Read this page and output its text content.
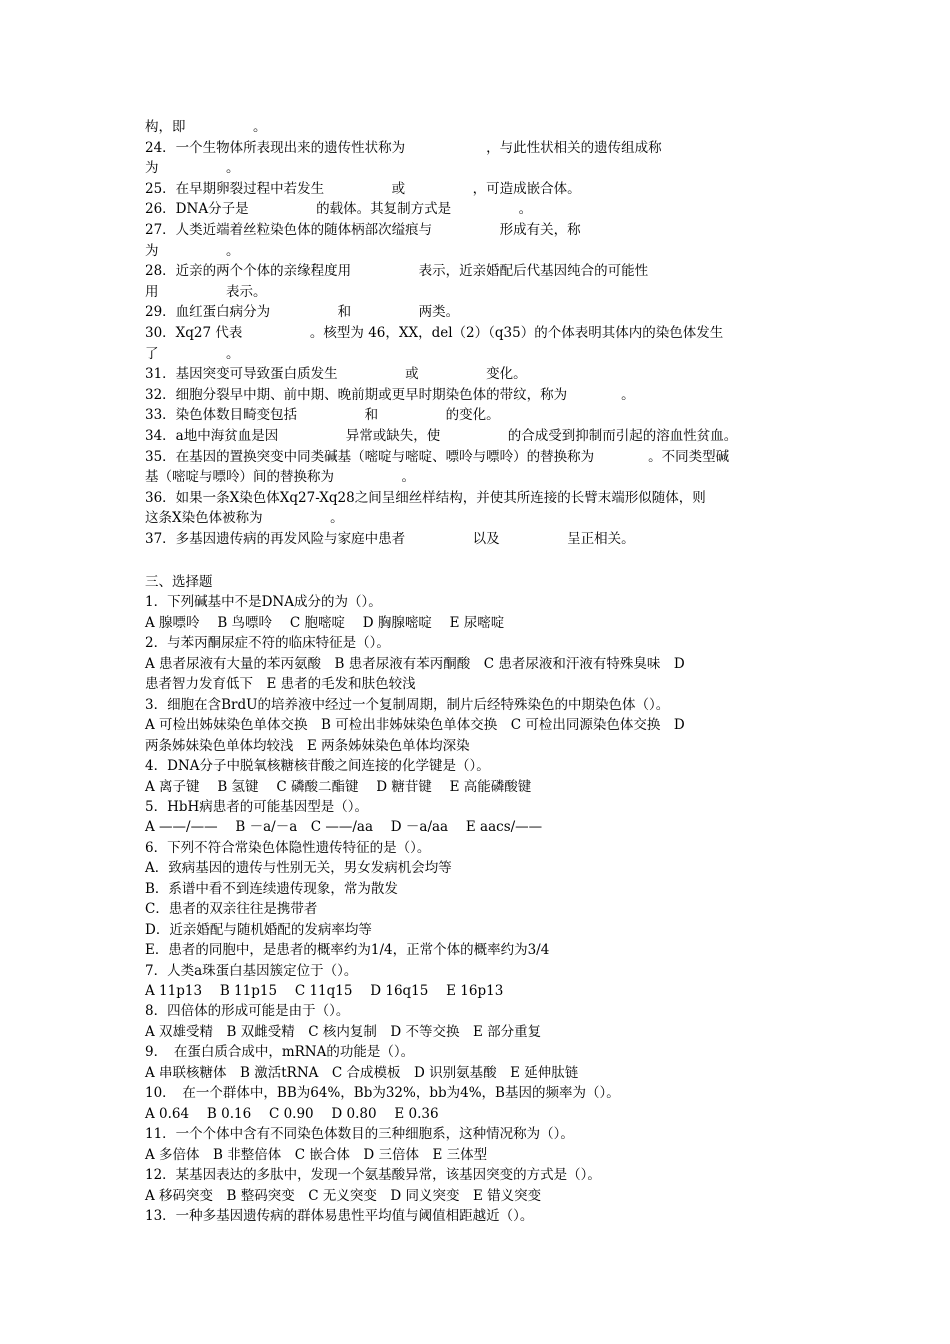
构，即　　　　　。

24．一个生物体所表现出来的遗传性状称为　　　　　　，与此性状相关的遗传组成称

为　　　　　。

25．在早期卵裂过程中若发生　　　　　或　　　　　，可造成嵌合体。

26．DNA分子是　　　　　的载体。其复制方式是　　　　　。

27．人类近端着丝粒染色体的随体柄部次缢痕与　　　　　形成有关，称

为　　　　　。

28．近亲的两个个体的亲缘程度用　　　　　表示，近亲婚配后代基因纯合的可能性

用　　　　　表示。

29．血红蛋白病分为　　　　　和　　　　　两类。

30．Xq27 代表　　　　　。核型为 46，XX，del（2）（q35）的个体表明其体内的染色体发生

了　　　　　。

31．基因突变可导致蛋白质发生　　　　　或　　　　　变化。

32．细胞分裂早中期、前中期、晚前期或更早时期染色体的带纹，称为　　　　。

33．染色体数目畸变包括　　　　　和　　　　　的变化。

34．a地中海贫血是因　　　　　异常或缺失，使　　　　　的合成受到抑制而引起的溶血性贫血。

35．在基因的置换突变中同类碱基（嘧啶与嘧啶、嘌呤与嘌呤）的替换称为　　　　。不同类型碱

基（嘧啶与嘌呤）间的替换称为　　　　　。

36．如果一条X染色体Xq27-Xq28之间呈细丝样结构，并使其所连接的长臂末端形似随体，则

这条X染色体被称为　　　　　。

37．多基因遗传病的再发风险与家庭中患者　　　　　以及　　　　　呈正相关。

三、选择题

1．下列碱基中不是DNA成分的为（）。

A 腺嘌呤　 B 鸟嘌呤　 C 胞嘧啶　 D 胸腺嘧啶　 E 尿嘧啶

2．与苯丙酮尿症不符的临床特征是（）。

A 患者尿液有大量的苯丙氨酸　B 患者尿液有苯丙酮酸　C 患者尿液和汗液有特殊臭味　D

患者智力发育低下　E 患者的毛发和肤色较浅

3．细胞在含BrdU的培养液中经过一个复制周期，制片后经特殊染色的中期染色体（）。

A 可检出姊妹染色单体交换　B 可检出非姊妹染色单体交换　C 可检出同源染色体交换　D

两条姊妹染色单体均较浅　E 两条姊妹染色单体均深染

4．DNA分子中脱氧核糖核苷酸之间连接的化学键是（）。

A 离子键　 B 氢键　 C 磷酸二酯键　 D 糖苷键　 E 高能磷酸键

5．HbH病患者的可能基因型是（）。

A ——/——　 B －a/－a　C ——/aa　 D －a/aa　 E aacs/——

6．下列不符合常染色体隐性遗传特征的是（）。

A．致病基因的遗传与性别无关，男女发病机会均等

B．系谱中看不到连续遗传现象，常为散发

C．患者的双亲往往是携带者

D．近亲婚配与随机婚配的发病率均等

E．患者的同胞中，是患者的概率约为1/4，正常个体的概率约为3/4

7．人类a珠蛋白基因簇定位于（）。

A 11p13　 B 11p15　 C 11q15　 D 16q15　 E 16p13

8．四倍体的形成可能是由于（）。

A 双雄受精　B 双雌受精　C 核内复制　D 不等交换　E 部分重复

9．　在蛋白质合成中，mRNA的功能是（）。

A 串联核糖体　B 激活tRNA　C 合成模板　D 识别氨基酸　E 延伸肽链

10．　在一个群体中，BB为64%，Bb为32%，bb为4%，B基因的频率为（）。

A 0.64　 B 0.16　 C 0.90　 D 0.80　 E 0.36

11．一个个体中含有不同染色体数目的三种细胞系，这种情况称为（）。

A 多倍体　B 非整倍体　C 嵌合体　D 三倍体　E 三体型

12．某基因表达的多肽中，发现一个氨基酸异常，该基因突变的方式是（）。

A 移码突变　B 整码突变　C 无义突变　D 同义突变　E 错义突变

13．一种多基因遗传病的群体易患性平均值与阈值相距越近（）。
